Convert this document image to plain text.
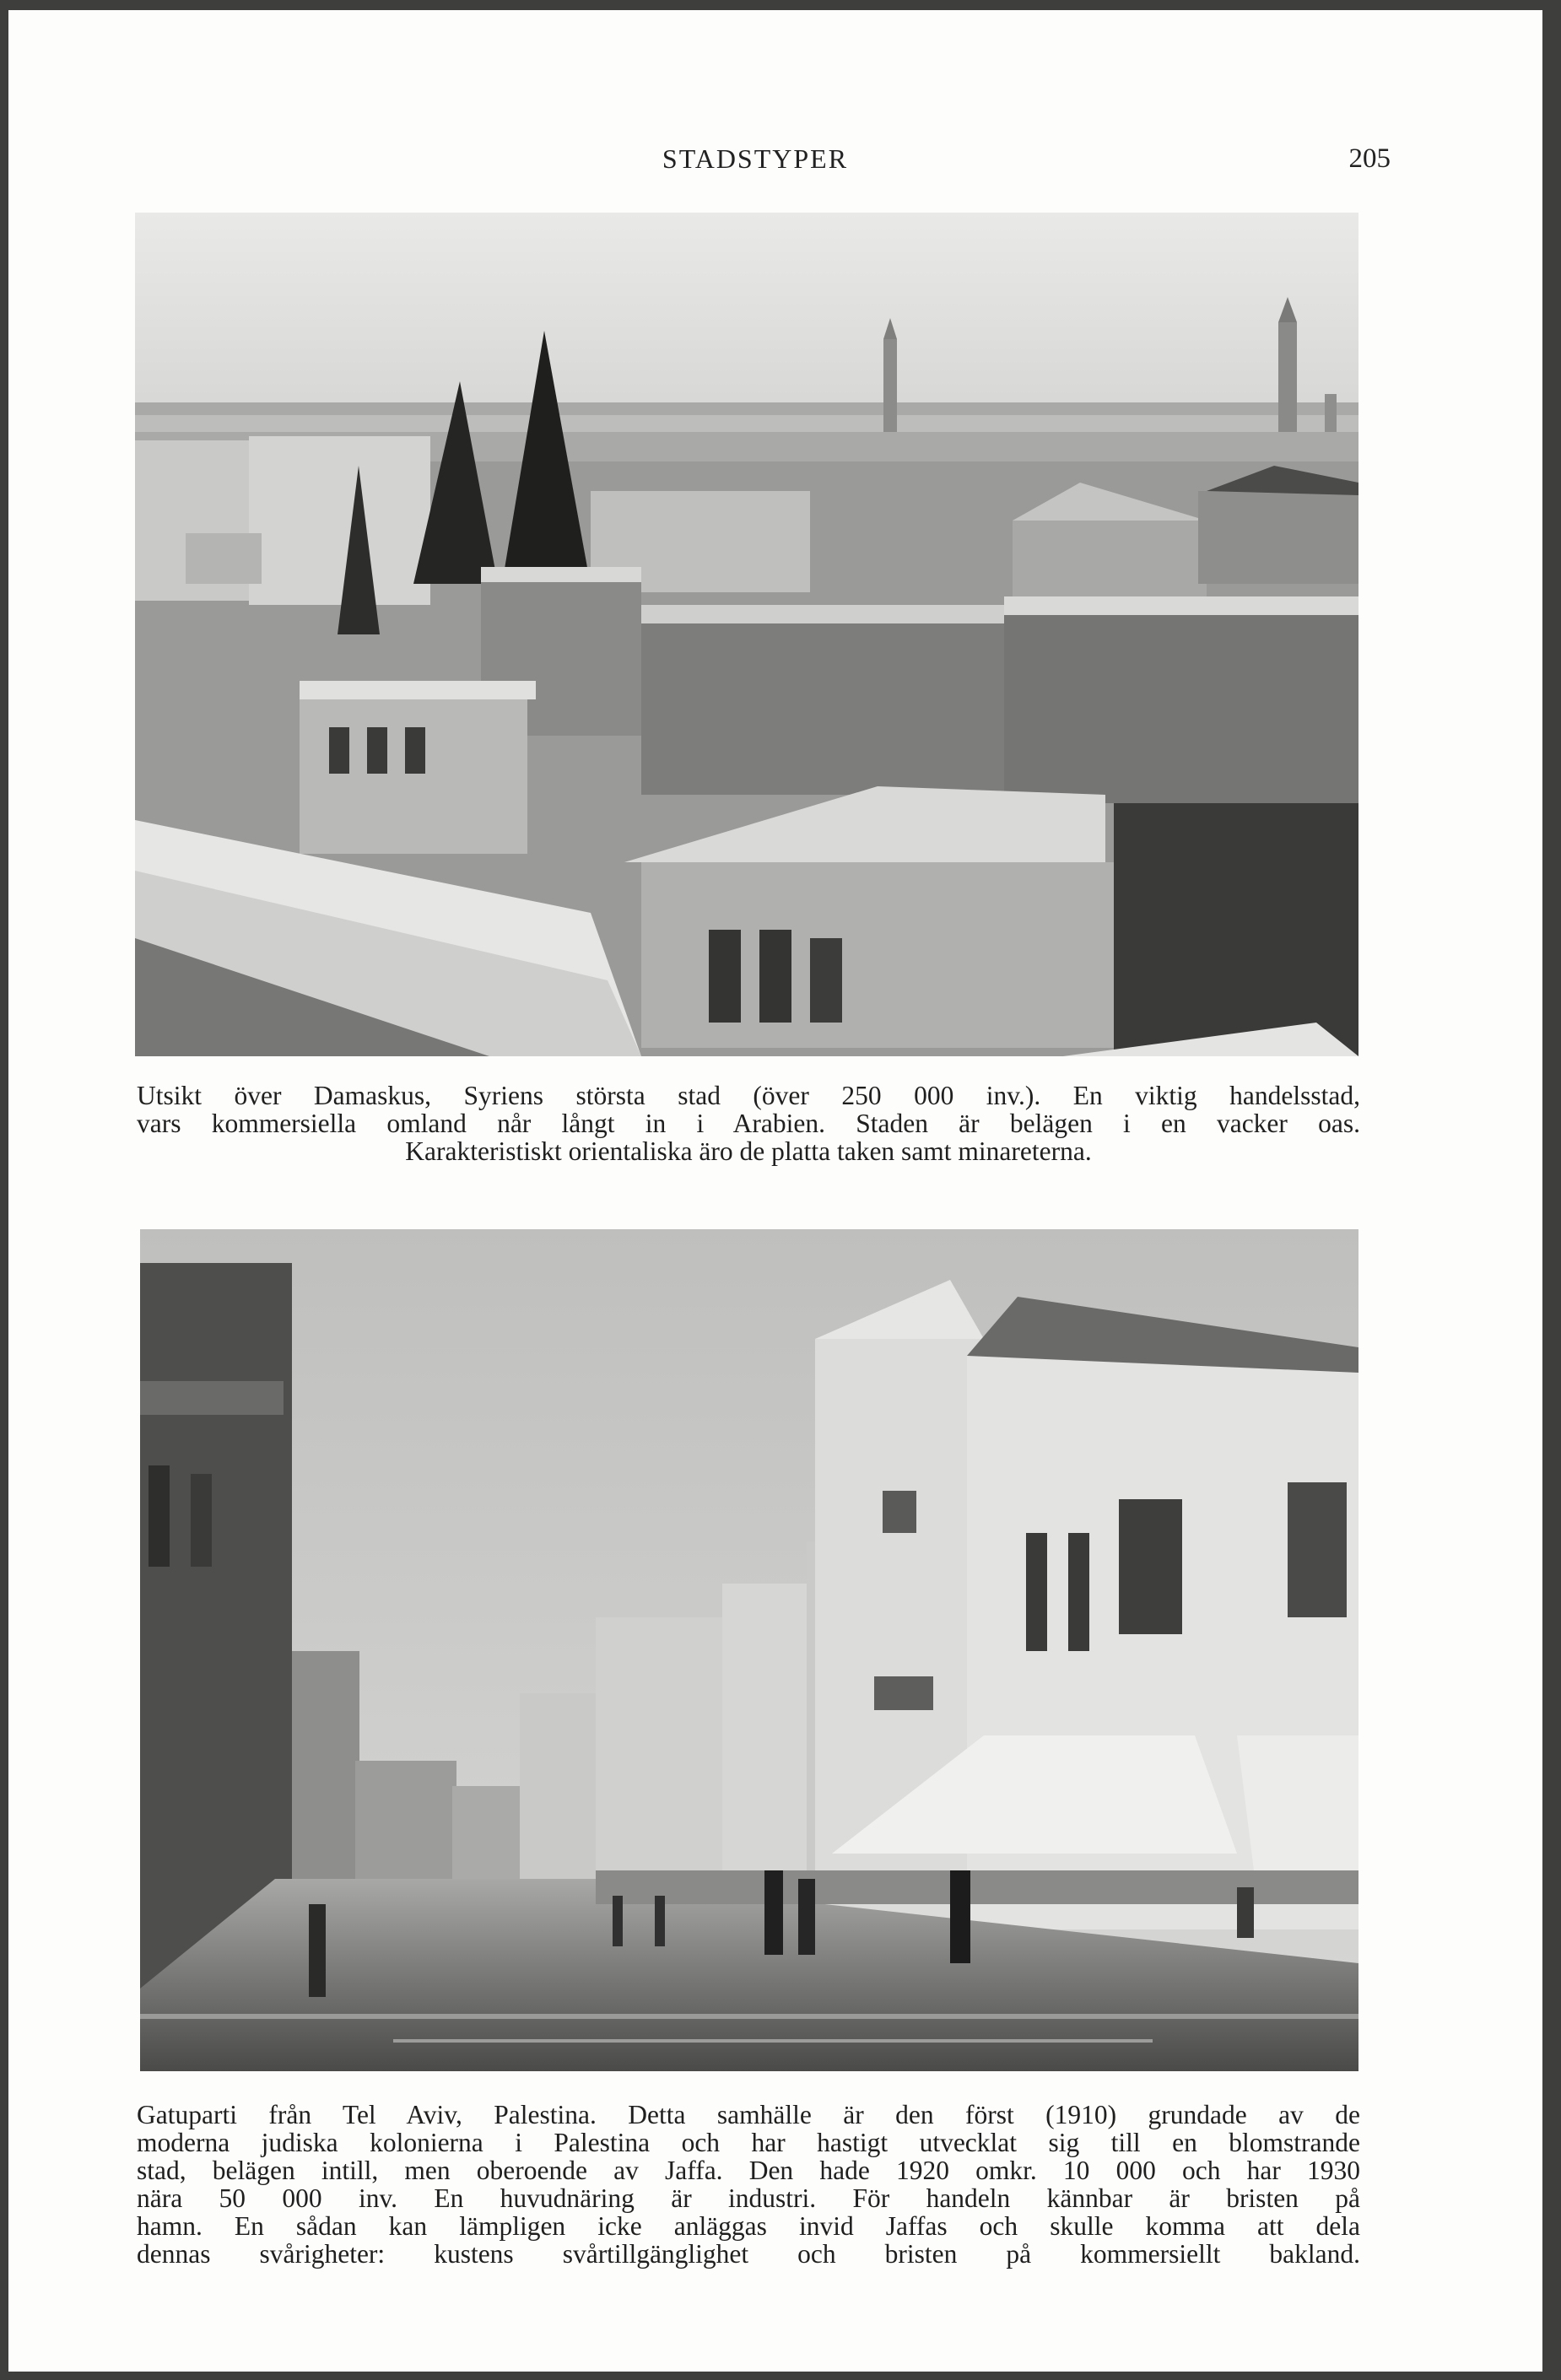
STADSTYPER	205

Utsikt över Damaskus, Syriens största stad (över 250 000 inv.). En viktig handelsstad,

vars kommersiella omland når långt in i Arabien. Staden är belägen i en vacker oas.

Karakteristiskt orientaliska äro de platta taken samt minareterna.

Gatuparti från Tel Aviv, Palestina. Detta samhälle är den först (1910) grundade av de

moderna judiska kolonierna i Palestina och har hastigt utvecklat sig till en blomstrande

stad, belägen intill, men oberoende av Jaffa. Den hade 1920 omkr. 10 000 och har 1930

nära 50 000 inv. En huvudnäring är industri. För handeln kännbar är bristen på

hamn. En sådan kan lämpligen icke anläggas invid Jaffas och skulle komma att dela

dennas svårigheter: kustens svårtillgänglighet och bristen på kommersiellt bakland.
